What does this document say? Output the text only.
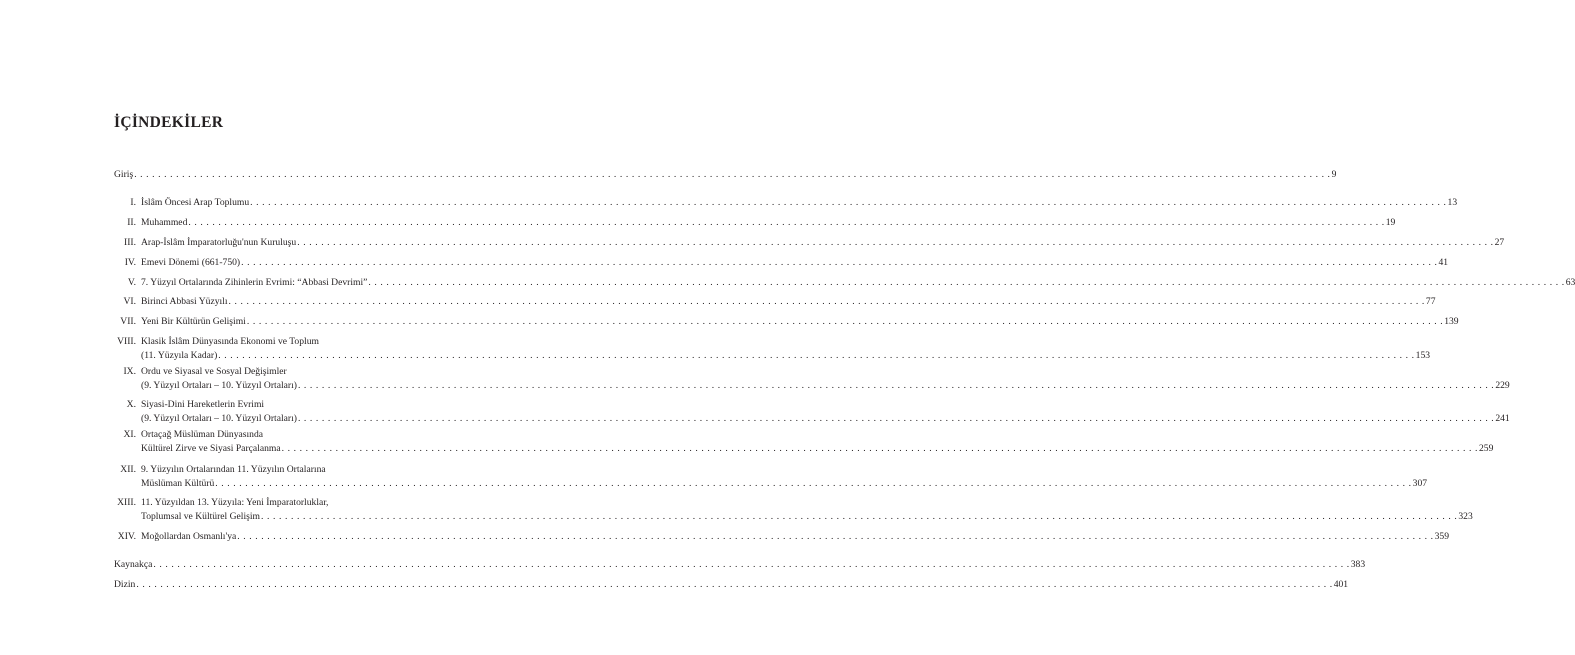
İÇİNDEKİLER
Giriş . . . . . . . . . . . . . . . . . . . . . . . . . . . . . . . . . . . . . . . . . . . . . . . . . . . . . . . . . . . . . . . . . . . . . . . . . . . . . . . . . . . . . . . . . . . . . . . . . . . . . . . . . . . . . . . . . . . . . . . . . . . . . . . . . . . . . . . . . . . . . . . . . . . . . . . . . . . . . . . . . . . . . . . . . . . . . . . . . . . . . . . . . . . . . . . . . . . . . . . . 9
I. İslâm Öncesi Arap Toplumu . . . . . . . . . . . . . . . . . . . . . . . . . . . . . . . . . . . . . . . . . . . . . . . . . . . . . . . . . . . . . . . . . . . . . . . . . . . . . . . . . . . . . . . . . . . . . . . . . . . . . . . . . . . . . . . . . . . . . . . . . . . . . . . . . . . . . . . . . . . . . . . . . . . . . . . . . . . . . . . . . . . . . . . . . . . . . . . . . . . . . . . . . . . . . . . . . . . . . . . . 13
II. Muhammed . . . . . . . . . . . . . . . . . . . . . . . . . . . . . . . . . . . . . . . . . . . . . . . . . . . . . . . . . . . . . . . . . . . . . . . . . . . . . . . . . . . . . . . . . . . . . . . . . . . . . . . . . . . . . . . . . . . . . . . . . . . . . . . . . . . . . . . . . . . . . . . . . . . . . . . . . . . . . . . . . . . . . . . . . . . . . . . . . . . . . . . . . . . . . . . . . . . . . . . . 19
III. Arap-İslâm İmparatorluğu'nun Kuruluşu . . . . . . . . . . . . . . . . . . . . . . . . . . . . . . . . . . . . . . . . . . . . . . . . . . . . . . . . . . . . . . . . . . . . . . . . . . . . . . . . . . . . . . . . . . . . . . . . . . . . . . . . . . . . . . . . . . . . . . . . . . . . . . . . . . . . . . . . . . . . . . . . . . . . . . . . . . . . . . . . . . . . . . . . . . . . . . . . . . . . . . . . . . . . . . . . . . . . . . . . 27
IV. Emevi Dönemi (661-750) . . . . . . . . . . . . . . . . . . . . . . . . . . . . . . . . . . . . . . . . . . . . . . . . . . . . . . . . . . . . . . . . . . . . . . . . . . . . . . . . . . . . . . . . . . . . . . . . . . . . . . . . . . . . . . . . . . . . . . . . . . . . . . . . . . . . . . . . . . . . . . . . . . . . . . . . . . . . . . . . . . . . . . . . . . . . . . . . . . . . . . . . . . . . . . . . . . . . . . . . 41
V. 7. Yüzyıl Ortalarında Zihinlerin Evrimi: “Abbasi Devrimi” . . . . . . . . . . . . . . . . . . . . . . . . . . . . . . . . . . . . . . . . . . . . . . . . . . . . . . . . . . . . . . . . . . . . . . . . . . . . . . . . . . . . . . . . . . . . . . . . . . . . . . . . . . . . . . . . . . . . . . . . . . . . . . . . . . . . . . . . . . . . . . . . . . . . . . . . . . . . . . . . . . . . . . . . . . . . . . . . . . . . . . . . . . . . . . . . . . . . . . . . 63
VI. Birinci Abbasi Yüzyılı . . . . . . . . . . . . . . . . . . . . . . . . . . . . . . . . . . . . . . . . . . . . . . . . . . . . . . . . . . . . . . . . . . . . . . . . . . . . . . . . . . . . . . . . . . . . . . . . . . . . . . . . . . . . . . . . . . . . . . . . . . . . . . . . . . . . . . . . . . . . . . . . . . . . . . . . . . . . . . . . . . . . . . . . . . . . . . . . . . . . . . . . . . . . . . . . . . . . . . . . 77
VII. Yeni Bir Kültürün Gelişimi . . . . . . . . . . . . . . . . . . . . . . . . . . . . . . . . . . . . . . . . . . . . . . . . . . . . . . . . . . . . . . . . . . . . . . . . . . . . . . . . . . . . . . . . . . . . . . . . . . . . . . . . . . . . . . . . . . . . . . . . . . . . . . . . . . . . . . . . . . . . . . . . . . . . . . . . . . . . . . . . . . . . . . . . . . . . . . . . . . . . . . . . . . . . . . . . . . . . . . . . 139
VIII. Klasik İslâm Dünyasında Ekonomi ve Toplum
(11. Yüzyıla Kadar) . . . . . . . . . . . . . . . . . . . . . . . . . . . . . . . . . . . . . . . . . . . . . . . . . . . . . . . . . . . . . . . . . . . . . . . . . . . . . . . . . . . . . . . . . . . . . . . . . . . . . . . . . . . . . . . . . . . . . . . . . . . . . . . . . . . . . . . . . . . . . . . . . . . . . . . . . . . . . . . . . . . . . . . . . . . . . . . . . . . . . . . . . . . . . . . . . . . . . . . . 153
IX. Ordu ve Siyasal ve Sosyal Değişimler
(9. Yüzyıl Ortaları – 10. Yüzyıl Ortaları) . . . . . . . . . . . . . . . . . . . . . . . . . . . . . . . . . . . . . . . . . . . . . . . . . . . . . . . . . . . . . . . . . . . . . . . . . . . . . . . . . . . . . . . . . . . . . . . . . . . . . . . . . . . . . . . . . . . . . . . . . . . . . . . . . . . . . . . . . . . . . . . . . . . . . . . . . . . . . . . . . . . . . . . . . . . . . . . . . . . . . . . . . . . . . . . . . . . . . . . . 229
X. Siyasi-Dini Hareketlerin Evrimi
(9. Yüzyıl Ortaları – 10. Yüzyıl Ortaları) . . . . . . . . . . . . . . . . . . . . . . . . . . . . . . . . . . . . . . . . . . . . . . . . . . . . . . . . . . . . . . . . . . . . . . . . . . . . . . . . . . . . . . . . . . . . . . . . . . . . . . . . . . . . . . . . . . . . . . . . . . . . . . . . . . . . . . . . . . . . . . . . . . . . . . . . . . . . . . . . . . . . . . . . . . . . . . . . . . . . . . . . . . . . . . . . . . . . . . . . 241
XI. Ortaçağ Müslüman Dünyasında
Kültürel Zirve ve Siyasi Parçalanma . . . . . . . . . . . . . . . . . . . . . . . . . . . . . . . . . . . . . . . . . . . . . . . . . . . . . . . . . . . . . . . . . . . . . . . . . . . . . . . . . . . . . . . . . . . . . . . . . . . . . . . . . . . . . . . . . . . . . . . . . . . . . . . . . . . . . . . . . . . . . . . . . . . . . . . . . . . . . . . . . . . . . . . . . . . . . . . . . . . . . . . . . . . . . . . . . . . . . . . . 259
XII. 9. Yüzyılın Ortalarından 11. Yüzyılın Ortalarına
Müslüman Kültürü . . . . . . . . . . . . . . . . . . . . . . . . . . . . . . . . . . . . . . . . . . . . . . . . . . . . . . . . . . . . . . . . . . . . . . . . . . . . . . . . . . . . . . . . . . . . . . . . . . . . . . . . . . . . . . . . . . . . . . . . . . . . . . . . . . . . . . . . . . . . . . . . . . . . . . . . . . . . . . . . . . . . . . . . . . . . . . . . . . . . . . . . . . . . . . . . . . . . . . . . 307
XIII. 11. Yüzyıldan 13. Yüzyıla: Yeni İmparatorluklar,
Toplumsal ve Kültürel Gelişim . . . . . . . . . . . . . . . . . . . . . . . . . . . . . . . . . . . . . . . . . . . . . . . . . . . . . . . . . . . . . . . . . . . . . . . . . . . . . . . . . . . . . . . . . . . . . . . . . . . . . . . . . . . . . . . . . . . . . . . . . . . . . . . . . . . . . . . . . . . . . . . . . . . . . . . . . . . . . . . . . . . . . . . . . . . . . . . . . . . . . . . . . . . . . . . . . . . . . . . . 323
XIV. Moğollardan Osmanlı'ya . . . . . . . . . . . . . . . . . . . . . . . . . . . . . . . . . . . . . . . . . . . . . . . . . . . . . . . . . . . . . . . . . . . . . . . . . . . . . . . . . . . . . . . . . . . . . . . . . . . . . . . . . . . . . . . . . . . . . . . . . . . . . . . . . . . . . . . . . . . . . . . . . . . . . . . . . . . . . . . . . . . . . . . . . . . . . . . . . . . . . . . . . . . . . . . . . . . . . . . . 359
Kaynakça . . . . . . . . . . . . . . . . . . . . . . . . . . . . . . . . . . . . . . . . . . . . . . . . . . . . . . . . . . . . . . . . . . . . . . . . . . . . . . . . . . . . . . . . . . . . . . . . . . . . . . . . . . . . . . . . . . . . . . . . . . . . . . . . . . . . . . . . . . . . . . . . . . . . . . . . . . . . . . . . . . . . . . . . . . . . . . . . . . . . . . . . . . . . . . . . . . . . . . . . 383
Dizin . . . . . . . . . . . . . . . . . . . . . . . . . . . . . . . . . . . . . . . . . . . . . . . . . . . . . . . . . . . . . . . . . . . . . . . . . . . . . . . . . . . . . . . . . . . . . . . . . . . . . . . . . . . . . . . . . . . . . . . . . . . . . . . . . . . . . . . . . . . . . . . . . . . . . . . . . . . . . . . . . . . . . . . . . . . . . . . . . . . . . . . . . . . . . . . . . . . . . . . . 401
